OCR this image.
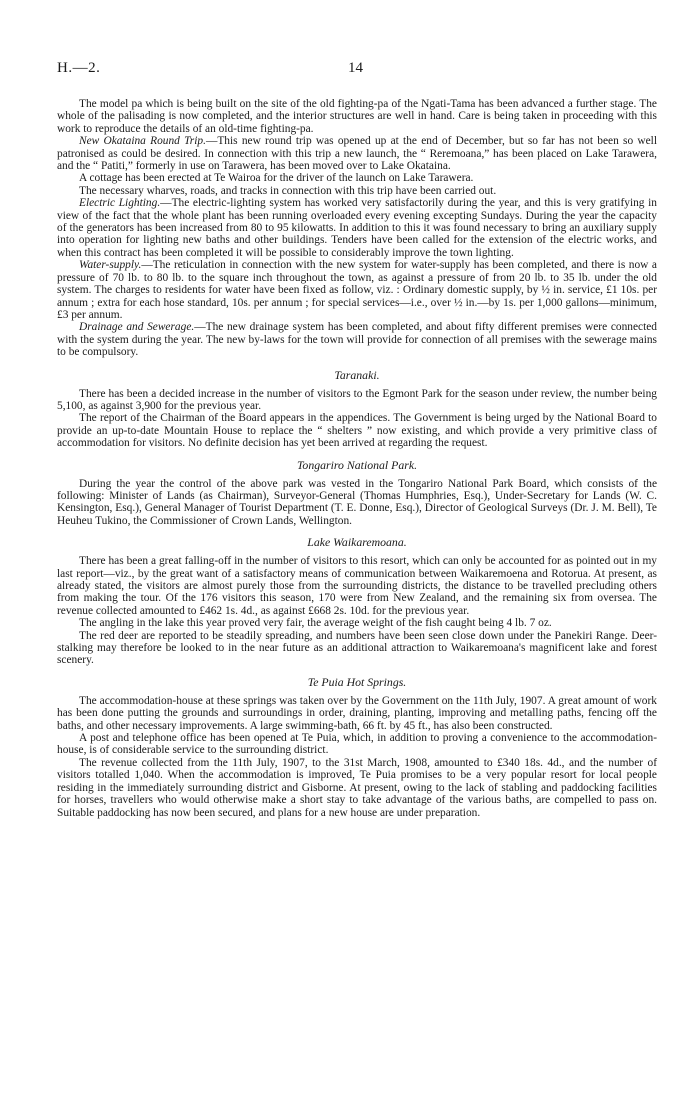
H.—2.	14

The model pa which is being built on the site of the old fighting-pa of the Ngati-Tama has been advanced a further stage. The whole of the palisading is now completed, and the interior structures are well in hand. Care is being taken in proceeding with this work to reproduce the details of an old-time fighting-pa.

New Okataina Round Trip.—This new round trip was opened up at the end of December, but so far has not been so well patronised as could be desired. In connection with this trip a new launch, the “ Reremoana,” has been placed on Lake Tarawera, and the “ Patiti,” formerly in use on Tarawera, has been moved over to Lake Okataina.

A cottage has been erected at Te Wairoa for the driver of the launch on Lake Tarawera.

The necessary wharves, roads, and tracks in connection with this trip have been carried out.

Electric Lighting.—The electric-lighting system has worked very satisfactorily during the year, and this is very gratifying in view of the fact that the whole plant has been running overloaded every evening excepting Sundays. During the year the capacity of the generators has been increased from 80 to 95 kilowatts. In addition to this it was found necessary to bring an auxiliary supply into operation for lighting new baths and other buildings. Tenders have been called for the extension of the electric works, and when this contract has been completed it will be possible to considerably improve the town lighting.

Water-supply.—The reticulation in connection with the new system for water-supply has been completed, and there is now a pressure of 70 lb. to 80 lb. to the square inch throughout the town, as against a pressure of from 20 lb. to 35 lb. under the old system. The charges to residents for water have been fixed as follow, viz. : Ordinary domestic supply, by ½ in. service, £1 10s. per annum ; extra for each hose standard, 10s. per annum ; for special services—i.e., over ½ in.—by 1s. per 1,000 gallons—minimum, £3 per annum.

Drainage and Sewerage.—The new drainage system has been completed, and about fifty different premises were connected with the system during the year. The new by-laws for the town will provide for connection of all premises with the sewerage mains to be compulsory.

Taranaki.

There has been a decided increase in the number of visitors to the Egmont Park for the season under review, the number being 5,100, as against 3,900 for the previous year.

The report of the Chairman of the Board appears in the appendices. The Government is being urged by the National Board to provide an up-to-date Mountain House to replace the “ shelters ” now existing, and which provide a very primitive class of accommodation for visitors. No definite decision has yet been arrived at regarding the request.

Tongariro National Park.

During the year the control of the above park was vested in the Tongariro National Park Board, which consists of the following: Minister of Lands (as Chairman), Surveyor-General (Thomas Humphries, Esq.), Under-Secretary for Lands (W. C. Kensington, Esq.), General Manager of Tourist Department (T. E. Donne, Esq.), Director of Geological Surveys (Dr. J. M. Bell), Te Heuheu Tukino, the Commissioner of Crown Lands, Wellington.

Lake Waikaremoana.

There has been a great falling-off in the number of visitors to this resort, which can only be accounted for as pointed out in my last report—viz., by the great want of a satisfactory means of communication between Waikaremoena and Rotorua. At present, as already stated, the visitors are almost purely those from the surrounding districts, the distance to be travelled precluding others from making the tour. Of the 176 visitors this season, 170 were from New Zealand, and the remaining six from oversea. The revenue collected amounted to £462 1s. 4d., as against £668 2s. 10d. for the previous year.

The angling in the lake this year proved very fair, the average weight of the fish caught being 4 lb. 7 oz.

The red deer are reported to be steadily spreading, and numbers have been seen close down under the Panekiri Range. Deer-stalking may therefore be looked to in the near future as an additional attraction to Waikaremoana's magnificent lake and forest scenery.

Te Puia Hot Springs.

The accommodation-house at these springs was taken over by the Government on the 11th July, 1907. A great amount of work has been done putting the grounds and surroundings in order, draining, planting, improving and metalling paths, fencing off the baths, and other necessary improvements. A large swimming-bath, 66 ft. by 45 ft., has also been constructed.

A post and telephone office has been opened at Te Puia, which, in addition to proving a convenience to the accommodation-house, is of considerable service to the surrounding district.

The revenue collected from the 11th July, 1907, to the 31st March, 1908, amounted to £340 18s. 4d., and the number of visitors totalled 1,040. When the accommodation is improved, Te Puia promises to be a very popular resort for local people residing in the immediately surrounding district and Gisborne. At present, owing to the lack of stabling and paddocking facilities for horses, travellers who would otherwise make a short stay to take advantage of the various baths, are compelled to pass on. Suitable paddocking has now been secured, and plans for a new house are under preparation.
